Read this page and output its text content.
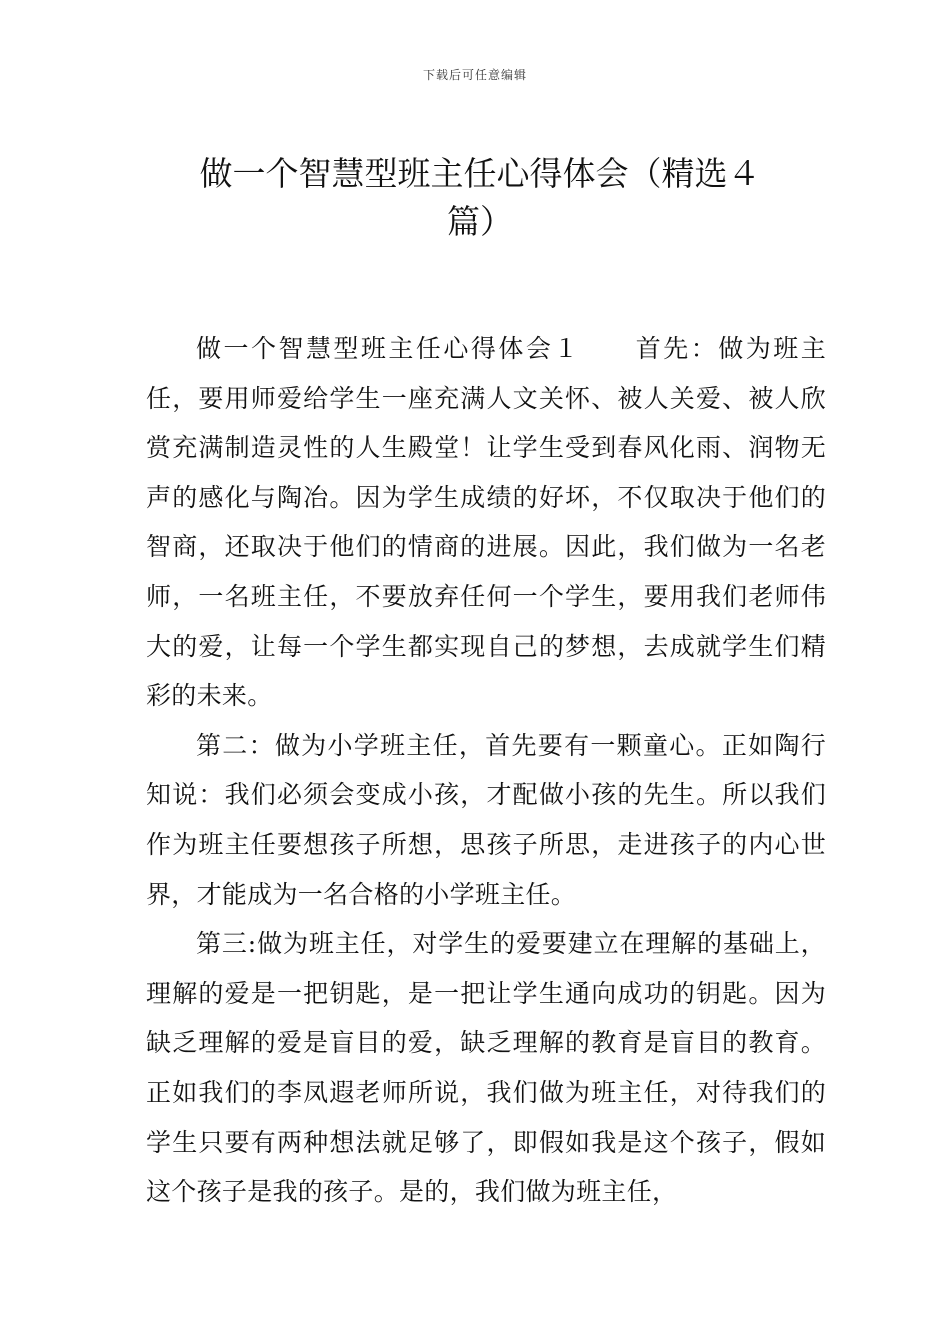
下载后可任意编辑
做一个智慧型班主任心得体会（精选４
篇）

做一个智慧型班主任心得体会１　　首先：做为班主任，要用师爱给学生一座充满人文关怀、被人关爱、被人欣赏充满制造灵性的人生殿堂！让学生受到春风化雨、润物无声的感化与陶冶。因为学生成绩的好坏，不仅取决于他们的智商，还取决于他们的情商的进展。因此，我们做为一名老师，一名班主任，不要放弃任何一个学生，要用我们老师伟大的爱，让每一个学生都实现自己的梦想，去成就学生们精彩的未来。

第二：做为小学班主任，首先要有一颗童心。正如陶行知说：我们必须会变成小孩，才配做小孩的先生。所以我们作为班主任要想孩子所想，思孩子所思，走进孩子的内心世界，才能成为一名合格的小学班主任。

第三:做为班主任，对学生的爱要建立在理解的基础上，理解的爱是一把钥匙，是一把让学生通向成功的钥匙。因为缺乏理解的爱是盲目的爱，缺乏理解的教育是盲目的教育。正如我们的李凤遐老师所说，我们做为班主任，对待我们的学生只要有两种想法就足够了，即假如我是这个孩子，假如这个孩子是我的孩子。是的，我们做为班主任，
